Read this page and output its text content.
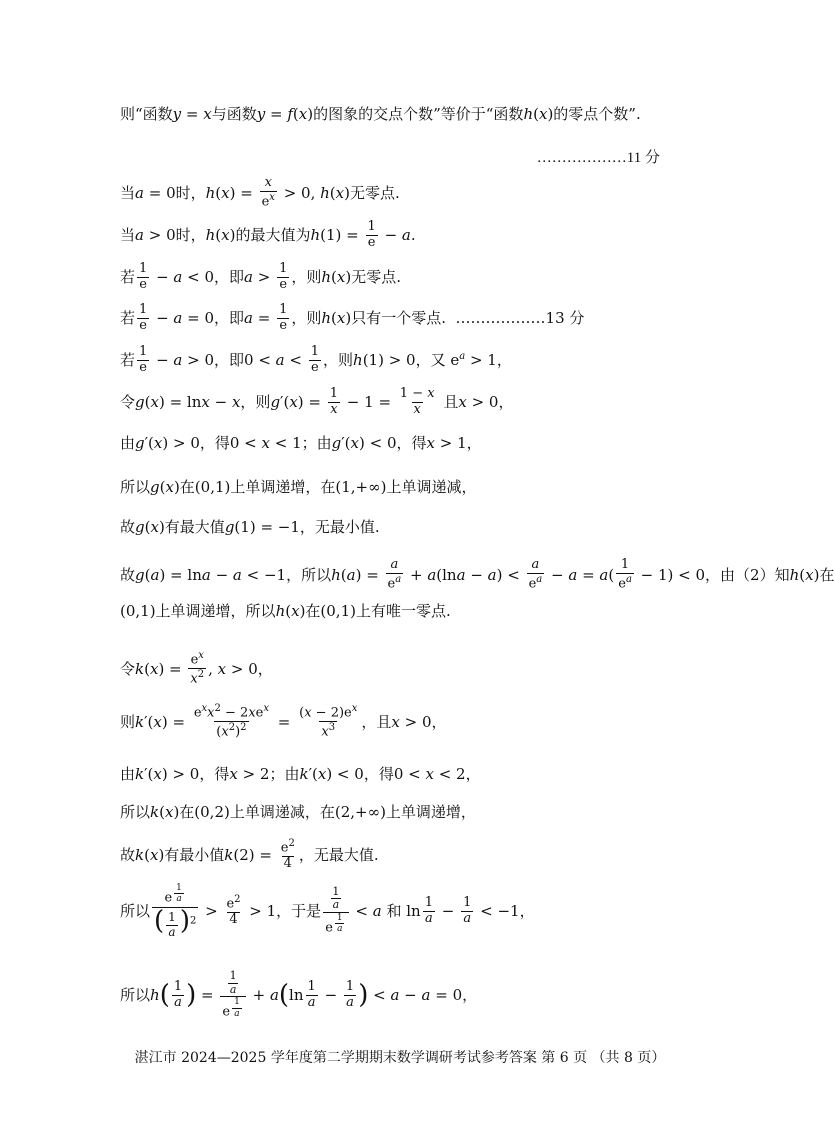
则“函数 y = x 与函数 y = f ( x )的图象的交点个数”等价于“函数 h ( x )的零点个数”.
………………11 分
当 a = 0时， h ( x ) = $\frac{x}{e^x} > 0$, h ( x )无零点.
当 a > 0时， h ( x )的最大值为 h $(1) = \frac{1}{e} - a$ .
若 1
e − a < 0，即 a > 1
e ，则 h ( x )无零点.
若 1
e − a = 0，即 $a = \frac{1}{e}$ ，则 h ( x )只有一个零点. ………………13 分
若 1
e − a > 0，即0 < a < 1
e ，则 h (1) > 0，又 $e^a > 1$，
令 g ( x ) = ln x − x ，则 g ′( x ) = $\frac{1}{x} - 1 = \frac{1 - x}{x}$ 且 x > 0，
由 g ′( x ) > 0，得0 < x < 1；由 g ′( x ) < 0，得 x > 1，
所以 g ( x )在(0,1)上单调递增，在(1,+∞)上单调递减，
故 g ( x )有最大值 g (1) = −1，无最小值.
故 g ( a ) = ln a − a < −1，所以 h ( a ) = $\frac{a}{e^a} + a$ (ln a − a ) <
a
$e^a - a = a$ (
1
$e^a - 1) < 0$，由（2）知 h ( x )在
(0,1)上单调递增，所以 h ( x )在(0,1)上有唯一零点.
令 k ( x ) = $\frac{e^x}{x^2}$ , x > 0，
则 k ′( x ) = $e^xx^2 - 2xe^x$
$(x^2)^2 = \frac{(x - 2)e^x}{x^3}$ ，且 x > 0，
由 k ′( x ) > 0，得 x > 2；由 k ′( x ) < 0，得0 < x < 2，
所以 k ( x )在(0,2)上单调递减，在(2,+∞)上单调递增，
故 k ( x )有最小值 k $(2) = \frac{e^2}{4}$ ，无最大值.
所以
e $^{\frac{1}{a}}$
( $\frac{1}{a} )^2$
> $e^2$
4 > 1，于是 $\frac{1}{a}$
e $^{\frac{1}{a}}$
< a 和 ln 1
$a - \frac{1}{a} < -1$，
所以 h ( 1
a ) = $\frac{1}{a}$
e $^{\frac{1}{a}}$ + a ( ln 1
$a - \frac{1}{a}$ ) < a − a = 0，
湛江市 2024—2025 学年度第二学期期末数学调研考试参考答案 第 6 页 （共 8 页）
